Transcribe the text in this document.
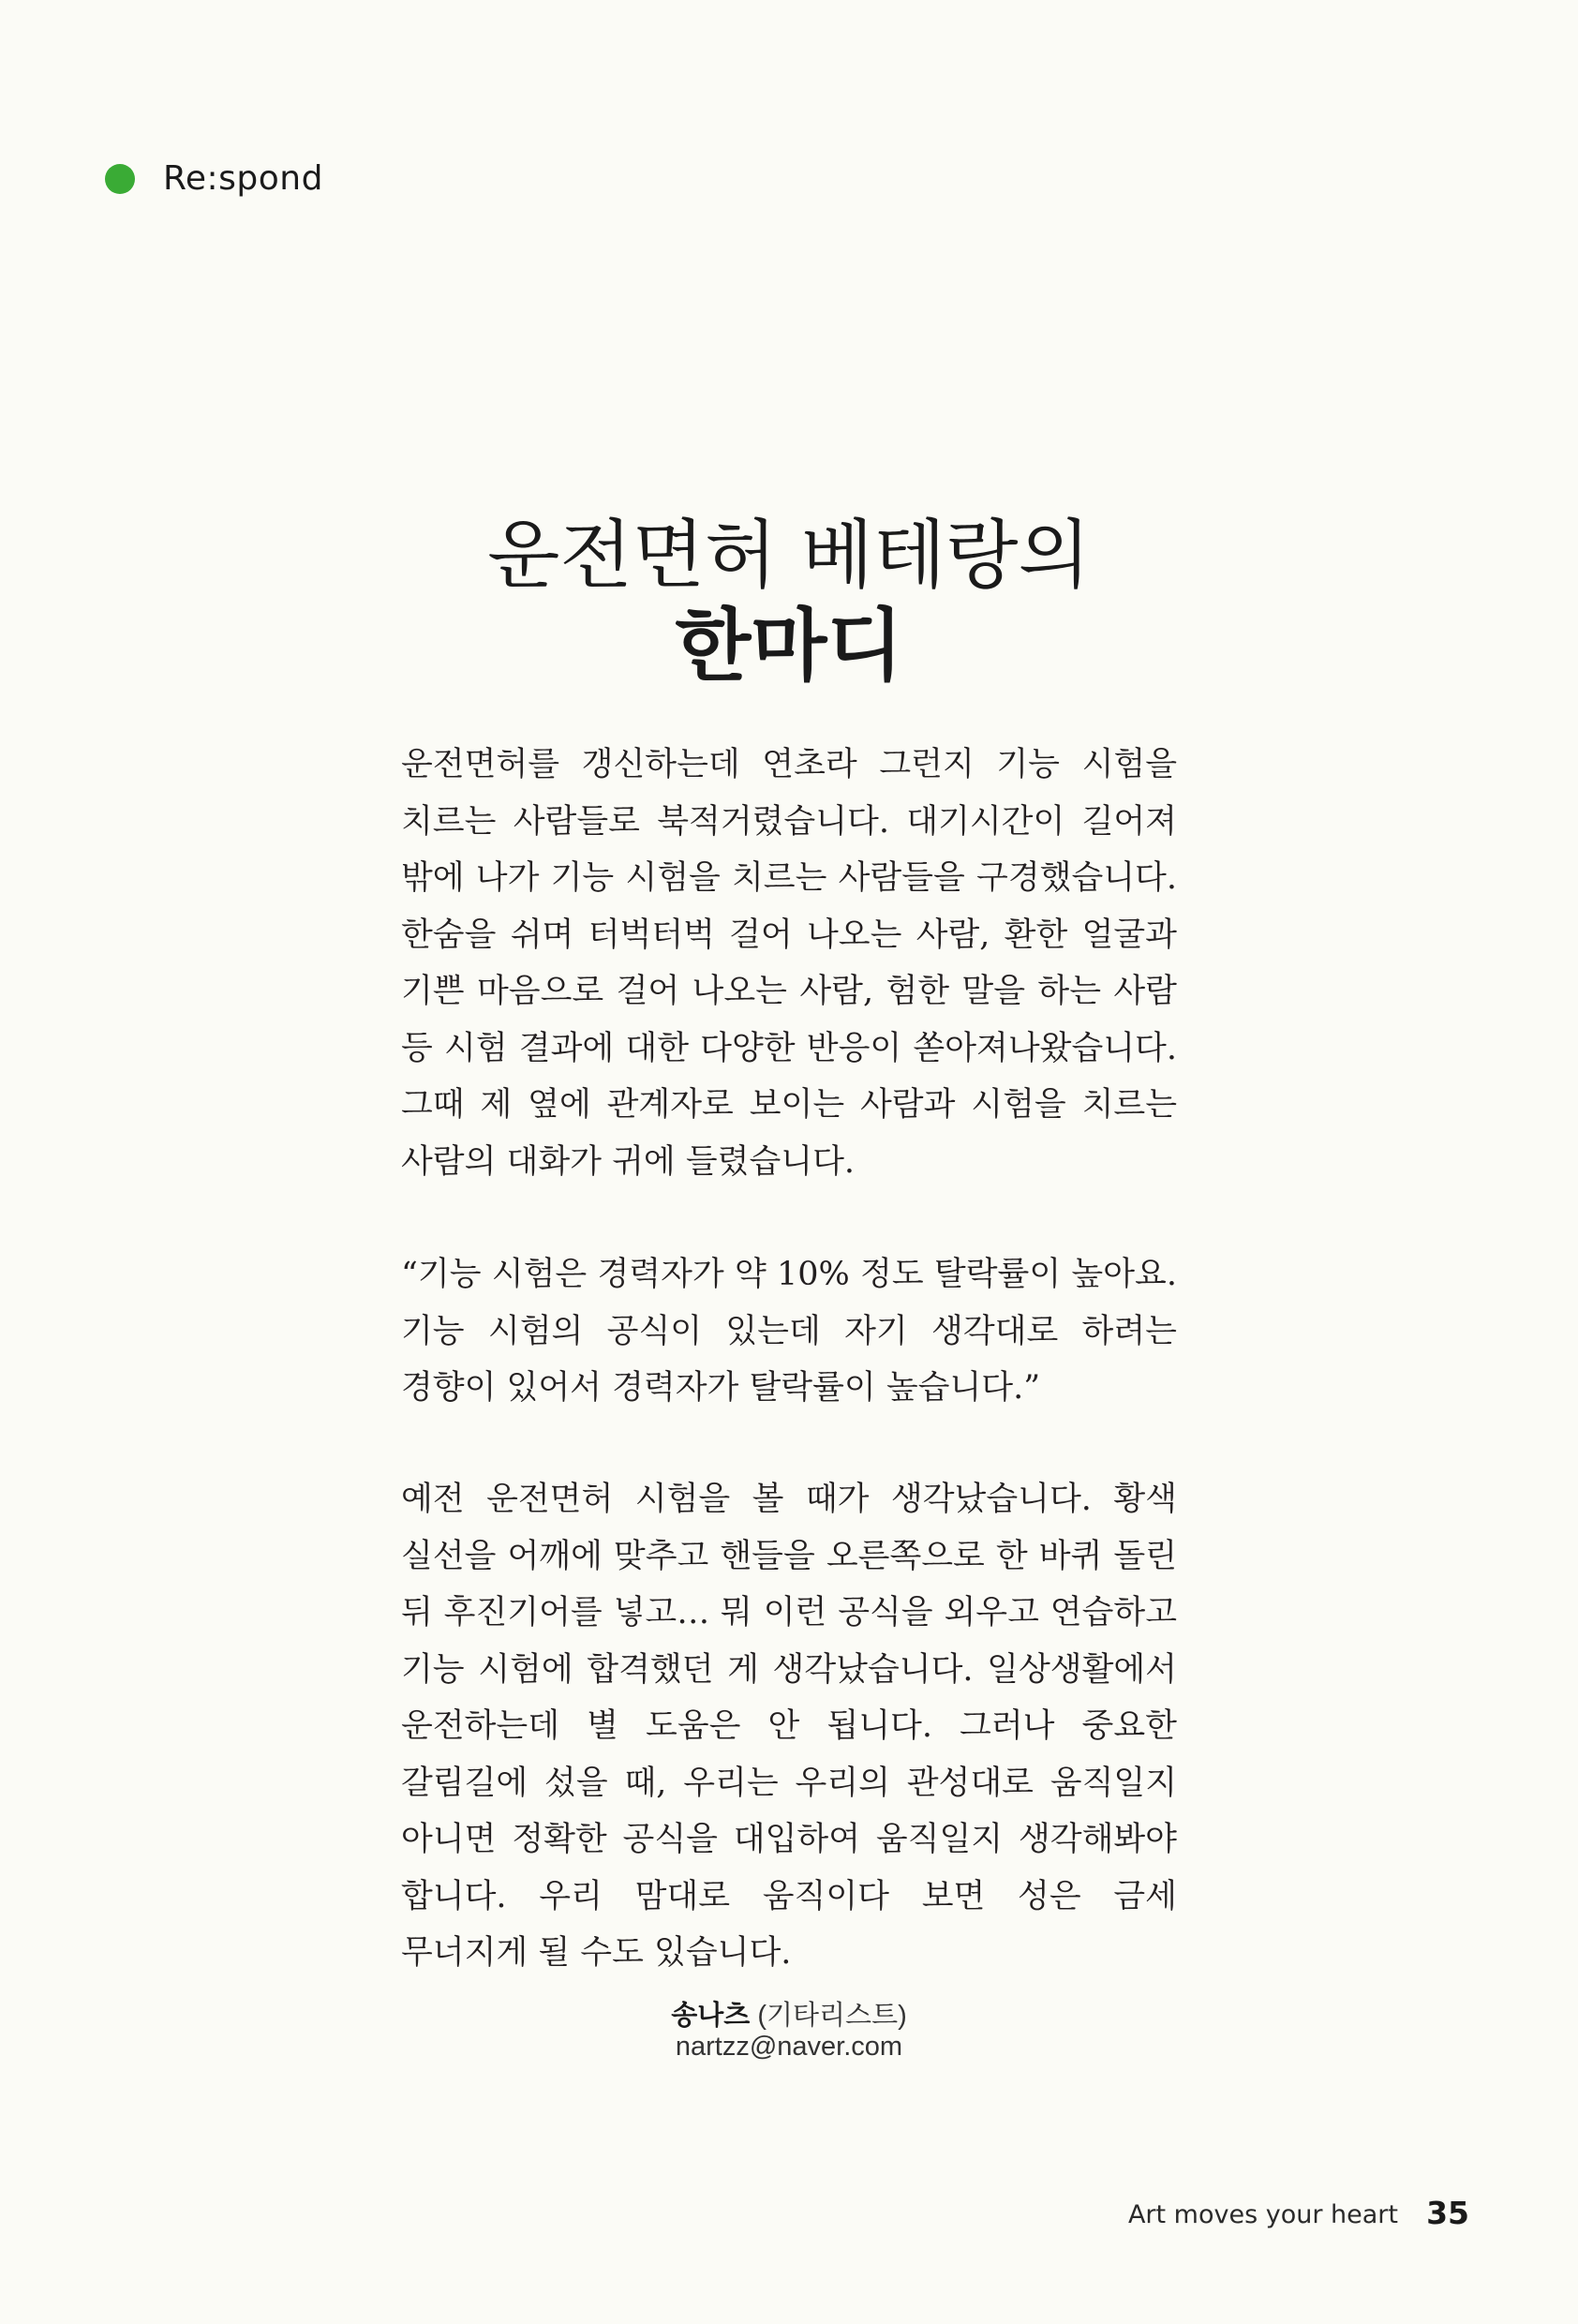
Re:spond
운전면허 베테랑의
한마디

운전면허를 갱신하는데 연초라 그런지 기능 시험을 치르는 사람들로 북적거렸습니다. 대기시간이 길어져 밖에 나가 기능 시험을 치르는 사람들을 구경했습니다. 한숨을 쉬며 터벅터벅 걸어 나오는 사람, 환한 얼굴과 기쁜 마음으로 걸어 나오는 사람, 험한 말을 하는 사람 등 시험 결과에 대한 다양한 반응이 쏟아져나왔습니다. 그때 제 옆에 관계자로 보이는 사람과 시험을 치르는 사람의 대화가 귀에 들렸습니다.

“기능 시험은 경력자가 약 10% 정도 탈락률이 높아요. 기능 시험의 공식이 있는데 자기 생각대로 하려는 경향이 있어서 경력자가 탈락률이 높습니다.”

예전 운전면허 시험을 볼 때가 생각났습니다. 황색 실선을 어깨에 맞추고 핸들을 오른쪽으로 한 바퀴 돌린 뒤 후진기어를 넣고… 뭐 이런 공식을 외우고 연습하고 기능 시험에 합격했던 게 생각났습니다. 일상생활에서 운전하는데 별 도움은 안 됩니다. 그러나 중요한 갈림길에 섰을 때, 우리는 우리의 관성대로 움직일지 아니면 정확한 공식을 대입하여 움직일지 생각해봐야 합니다. 우리 맘대로 움직이다 보면 성은 금세 무너지게 될 수도 있습니다.

송나츠 (기타리스트)
nartzz@naver.com
Art moves your heart 35
